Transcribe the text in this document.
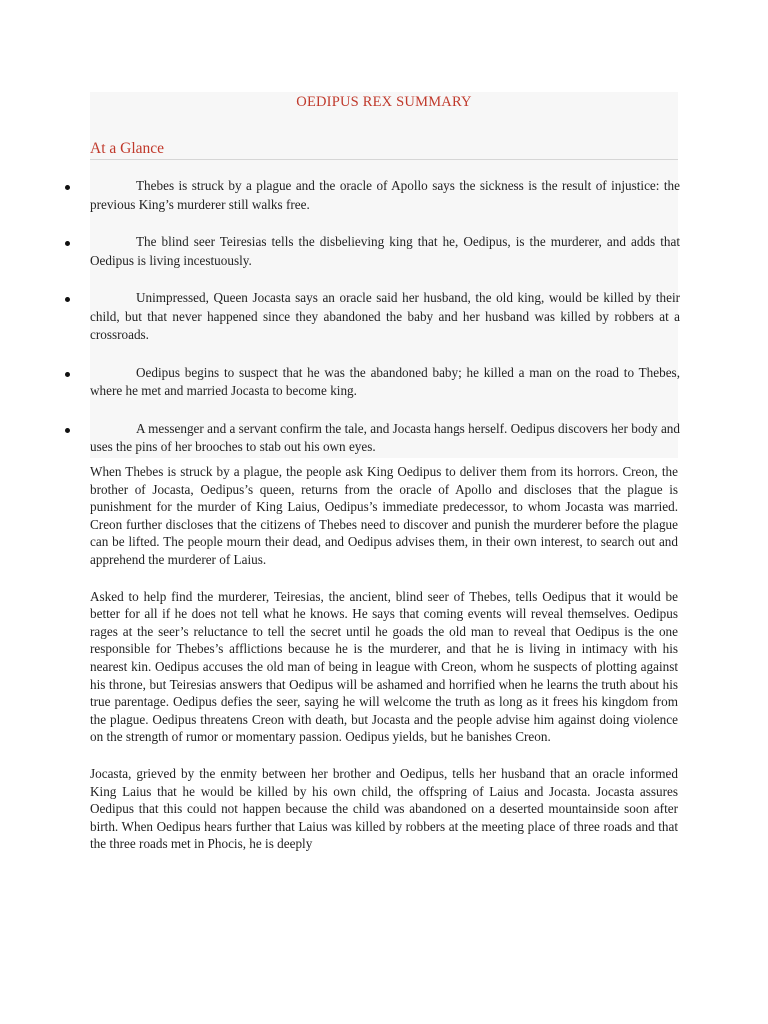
OEDIPUS REX SUMMARY
At a Glance
Thebes is struck by a plague and the oracle of Apollo says the sickness is the result of injustice: the previous King’s murderer still walks free.
The blind seer Teiresias tells the disbelieving king that he, Oedipus, is the murderer, and adds that Oedipus is living incestuously.
Unimpressed, Queen Jocasta says an oracle said her husband, the old king, would be killed by their child, but that never happened since they abandoned the baby and her husband was killed by robbers at a crossroads.
Oedipus begins to suspect that he was the abandoned baby; he killed a man on the road to Thebes, where he met and married Jocasta to become king.
A messenger and a servant confirm the tale, and Jocasta hangs herself. Oedipus discovers her body and uses the pins of her brooches to stab out his own eyes.

When Thebes is struck by a plague, the people ask King Oedipus to deliver them from its horrors. Creon, the brother of Jocasta, Oedipus’s queen, returns from the oracle of Apollo and discloses that the plague is punishment for the murder of King Laius, Oedipus’s immediate predecessor, to whom Jocasta was married. Creon further discloses that the citizens of Thebes need to discover and punish the murderer before the plague can be lifted. The people mourn their dead, and Oedipus advises them, in their own interest, to search out and apprehend the murderer of Laius.

Asked to help find the murderer, Teiresias, the ancient, blind seer of Thebes, tells Oedipus that it would be better for all if he does not tell what he knows. He says that coming events will reveal themselves. Oedipus rages at the seer’s reluctance to tell the secret until he goads the old man to reveal that Oedipus is the one responsible for Thebes’s afflictions because he is the murderer, and that he is living in intimacy with his nearest kin. Oedipus accuses the old man of being in league with Creon, whom he suspects of plotting against his throne, but Teiresias answers that Oedipus will be ashamed and horrified when he learns the truth about his true parentage. Oedipus defies the seer, saying he will welcome the truth as long as it frees his kingdom from the plague. Oedipus threatens Creon with death, but Jocasta and the people advise him against doing violence on the strength of rumor or momentary passion. Oedipus yields, but he banishes Creon.

Jocasta, grieved by the enmity between her brother and Oedipus, tells her husband that an oracle informed King Laius that he would be killed by his own child, the offspring of Laius and Jocasta. Jocasta assures Oedipus that this could not happen because the child was abandoned on a deserted mountainside soon after birth. When Oedipus hears further that Laius was killed by robbers at the meeting place of three roads and that the three roads met in Phocis, he is deeply
